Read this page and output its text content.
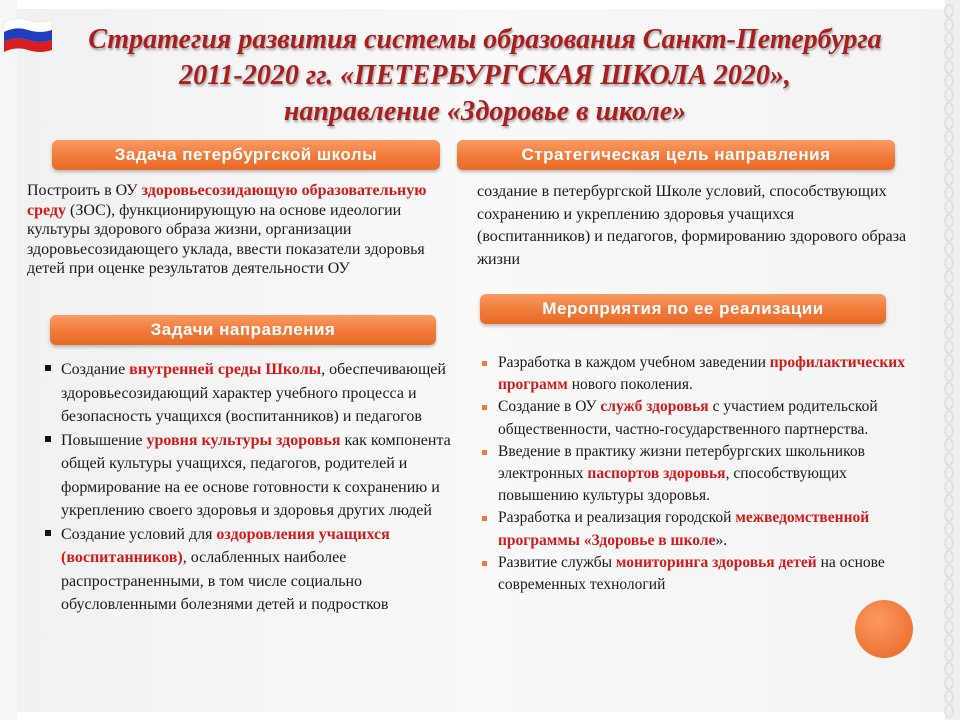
Стратегия развития системы образования Санкт-Петербурга
2011-2020 гг. «ПЕТЕРБУРГСКАЯ ШКОЛА 2020»,
направление «Здоровье в школе»
Задача петербургской школы	Стратегическая цель направления
Задачи направления
Мероприятия по ее реализации
Построить в ОУ здоровьесозидающую образовательную среду (ЗОС), функционирующую на основе идеологии культуры здорового образа жизни, организации здоровьесозидающего уклада, ввести показатели здоровья детей при оценке результатов деятельности ОУ
создание в петербургской Школе условий, способствующих сохранению и укреплению здоровья учащихся (воспитанников) и педагогов, формированию здорового образа жизни
Создание внутренней среды Школы, обеспечивающей здоровьесозидающий характер учебного процесса и безопасность учащихся (воспитанников) и педагогов
Повышение уровня культуры здоровья как компонента общей культуры учащихся, педагогов, родителей и формирование на ее основе готовности к сохранению и укреплению своего здоровья и здоровья других людей
Создание условий для оздоровления учащихся (воспитанников), ослабленных наиболее распространенными, в том числе социально обусловленными болезнями детей и подростков
Разработка в каждом учебном заведении профилактических программ нового поколения.
Создание в ОУ служб здоровья с участием родительской общественности, частно-государственного партнерства.
Введение в практику жизни петербургских школьников электронных паспортов здоровья, способствующих повышению культуры здоровья.
Разработка и реализация городской межведомственной программы «Здоровье в школе».
Развитие службы мониторинга здоровья детей на основе современных технологий
